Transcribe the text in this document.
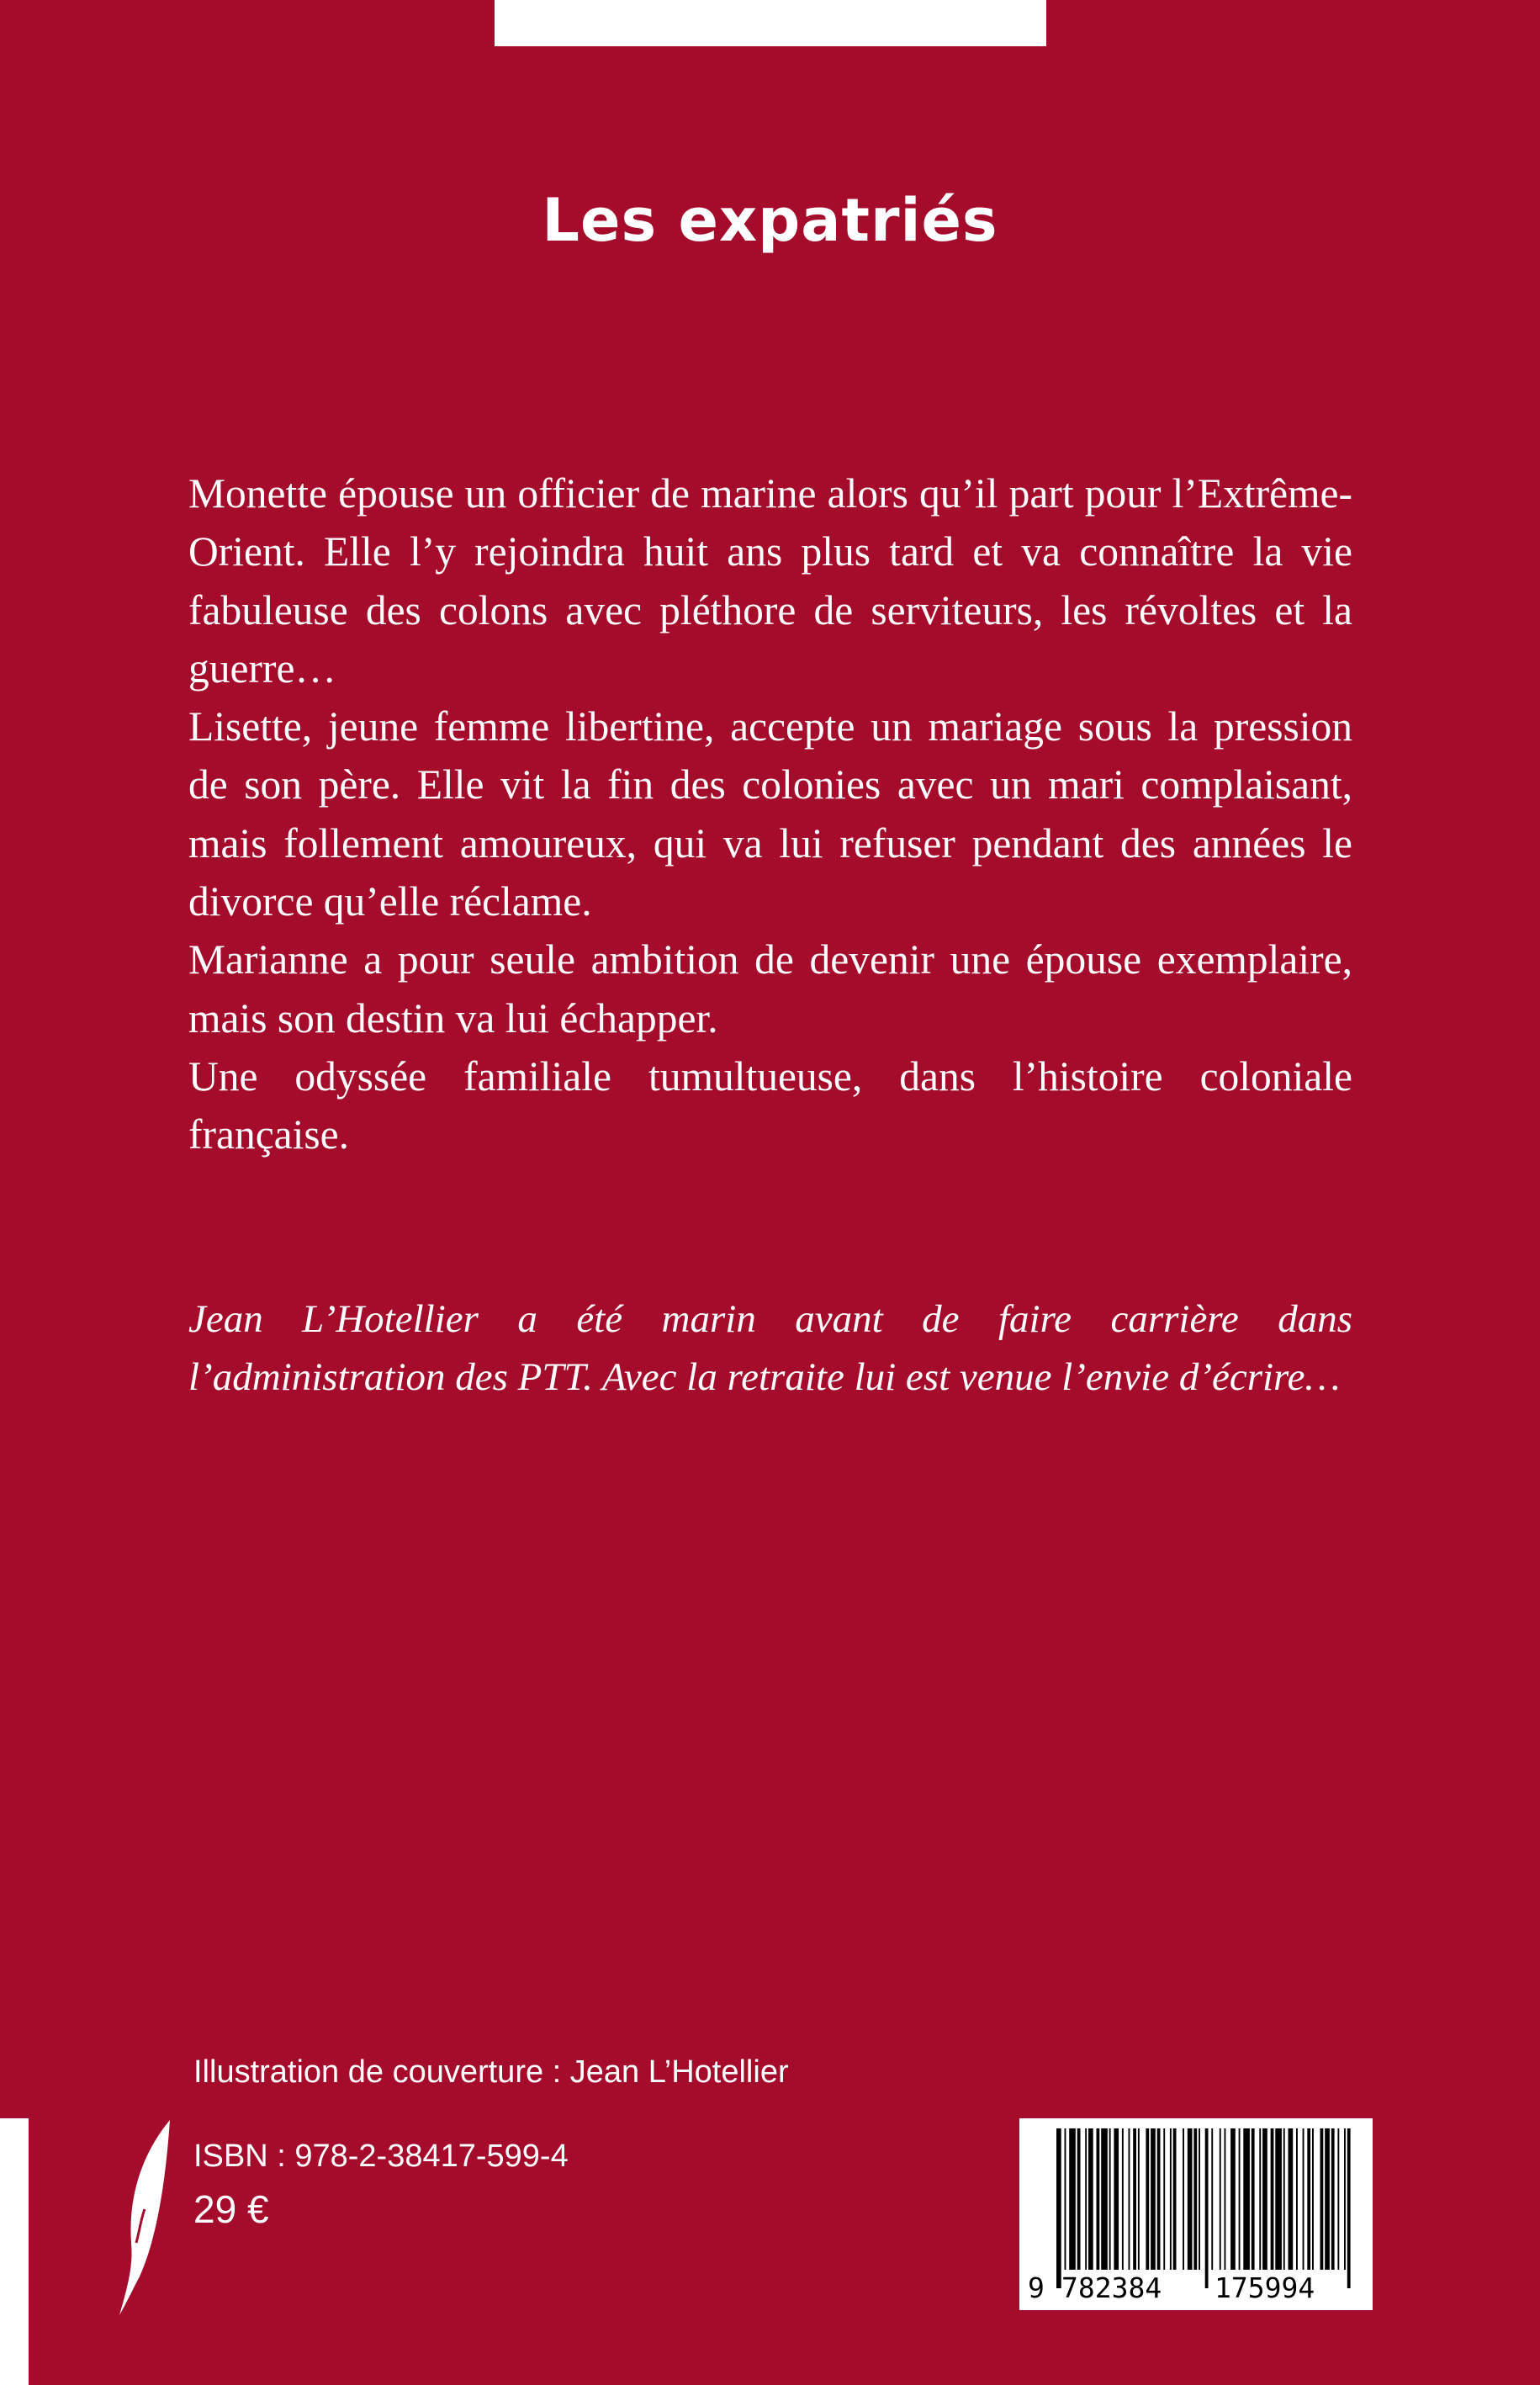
Les expatriés

Monette épouse un officier de marine alors qu’il part pour l’Extrême-Orient. Elle l’y rejoindra huit ans plus tard et va connaître la vie fabuleuse des colons avec pléthore de serviteurs, les révoltes et la guerre…

Lisette, jeune femme libertine, accepte un mariage sous la pression de son père. Elle vit la fin des colonies avec un mari complaisant, mais follement amoureux, qui va lui refuser pendant des années le divorce qu’elle réclame.

Marianne a pour seule ambition de devenir une épouse exemplaire, mais son destin va lui échapper.

Une odyssée familiale tumultueuse, dans l’histoire coloniale française.

Jean L’Hotellier a été marin avant de faire carrière dans l’administration des PTT. Avec la retraite lui est venue l’envie d’écrire…

Illustration de couverture : Jean L’Hotellier
ISBN : 978-2-38417-599-4
29 €
9 782384 175994
